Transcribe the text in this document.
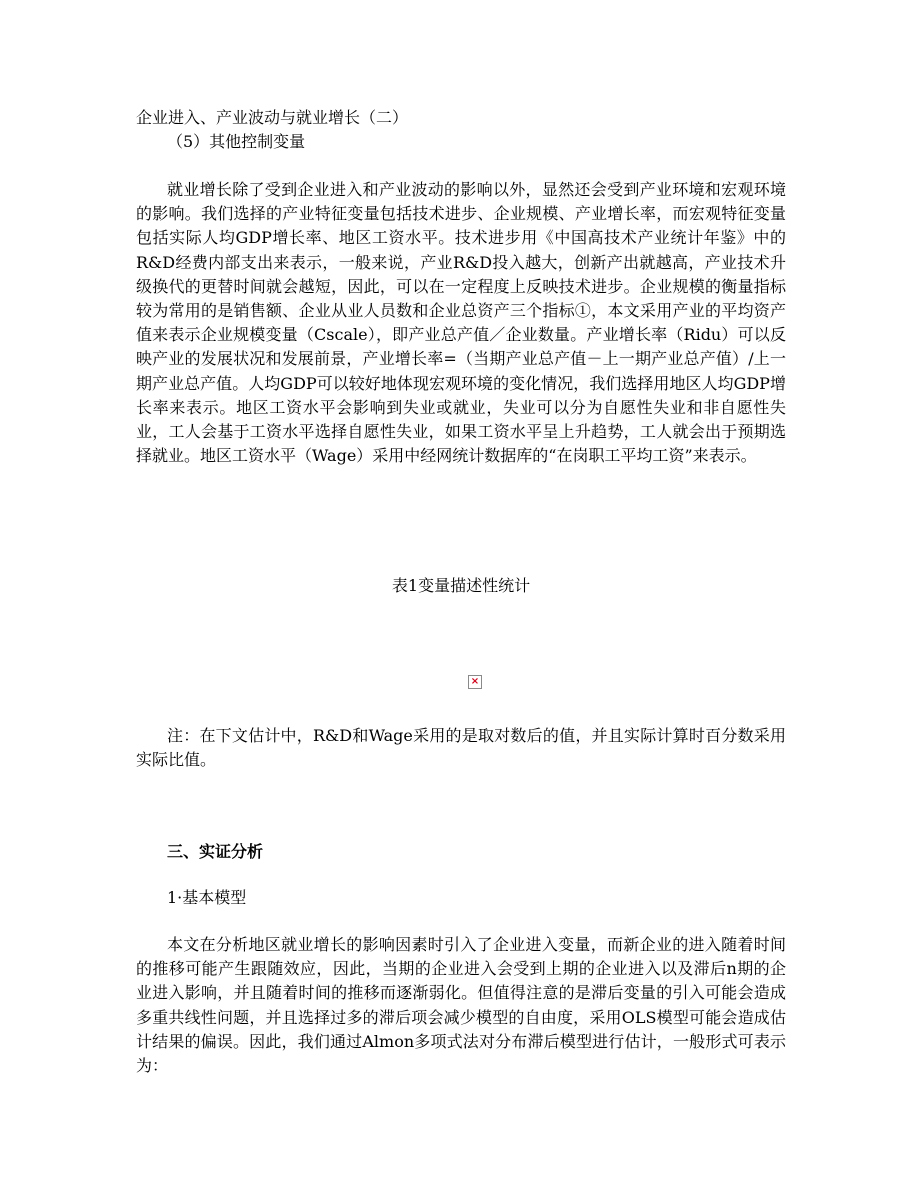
企业进入、产业波动与就业增长（二）
（5）其他控制变量
就业增长除了受到企业进入和产业波动的影响以外，显然还会受到产业环境和宏观环境的影响。我们选择的产业特征变量包括技术进步、企业规模、产业增长率，而宏观特征变量包括实际人均GDP增长率、地区工资水平。技术进步用《中国高技术产业统计年鉴》中的R&D经费内部支出来表示，一般来说，产业R&D投入越大，创新产出就越高，产业技术升级换代的更替时间就会越短，因此，可以在一定程度上反映技术进步。企业规模的衡量指标较为常用的是销售额、企业从业人员数和企业总资产三个指标①，本文采用产业的平均资产值来表示企业规模变量（Cscale），即产业总产值／企业数量。产业增长率（Ridu）可以反映产业的发展状况和发展前景，产业增长率=（当期产业总产值－上一期产业总产值）/上一期产业总产值。人均GDP可以较好地体现宏观环境的变化情况，我们选择用地区人均GDP增长率来表示。地区工资水平会影响到失业或就业，失业可以分为自愿性失业和非自愿性失业，工人会基于工资水平选择自愿性失业，如果工资水平呈上升趋势，工人就会出于预期选择就业。地区工资水平（Wage）采用中经网统计数据库的“在岗职工平均工资”来表示。
表1变量描述性统计
×
注：在下文估计中，R&D和Wage采用的是取对数后的值，并且实际计算时百分数采用实际比值。
三、实证分析
1·基本模型
本文在分析地区就业增长的影响因素时引入了企业进入变量，而新企业的进入随着时间的推移可能产生跟随效应，因此，当期的企业进入会受到上期的企业进入以及滞后n期的企业进入影响，并且随着时间的推移而逐渐弱化。但值得注意的是滞后变量的引入可能会造成多重共线性问题，并且选择过多的滞后项会减少模型的自由度，采用OLS模型可能会造成估计结果的偏误。因此，我们通过Almon多项式法对分布滞后模型进行估计，一般形式可表示为：
